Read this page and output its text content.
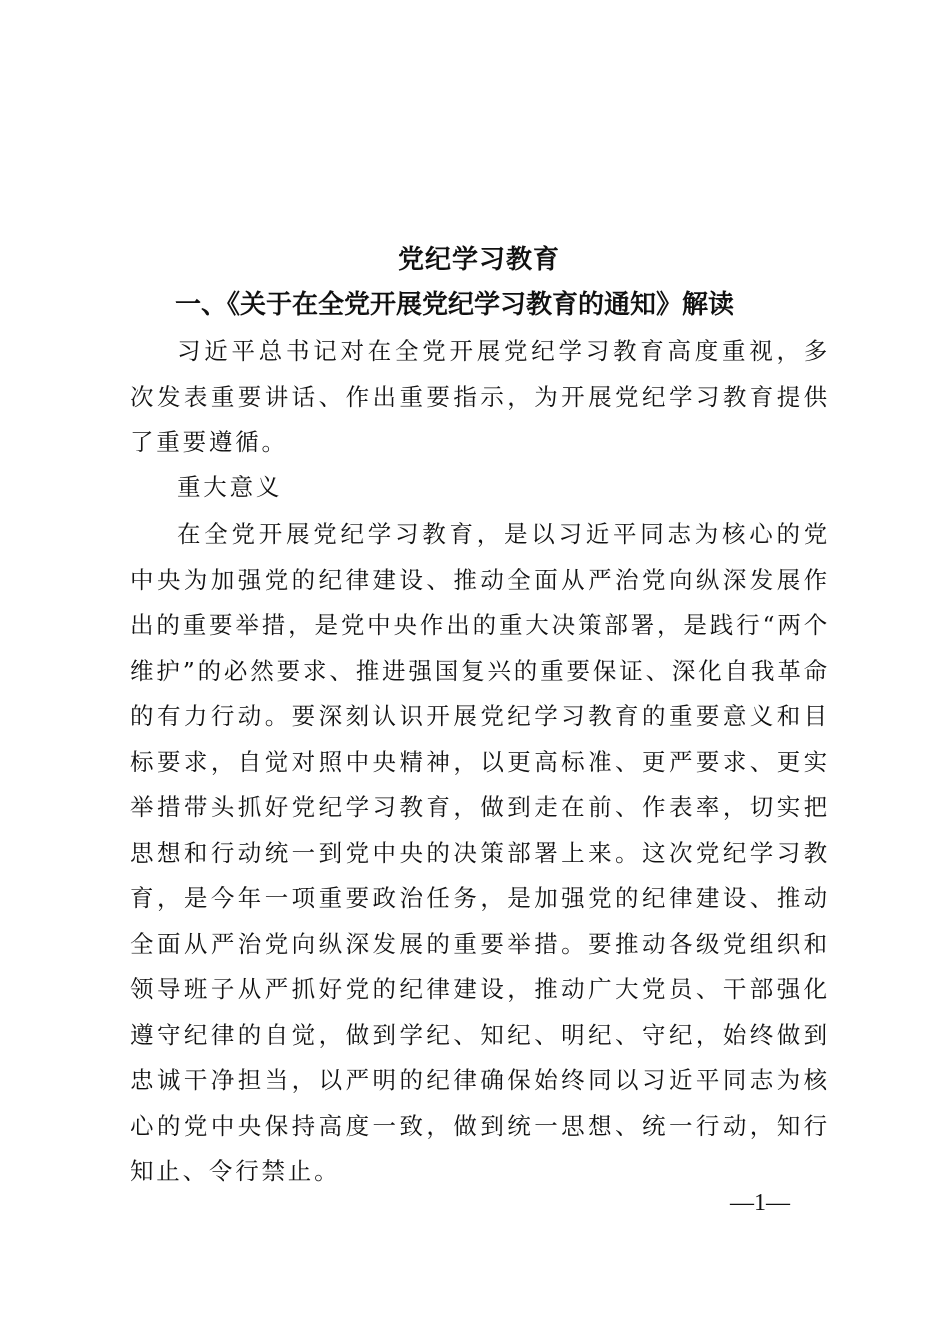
党纪学习教育
一、《关于在全党开展党纪学习教育的通知》解读
习近平总书记对在全党开展党纪学习教育高度重视，多次发表重要讲话、作出重要指示，为开展党纪学习教育提供了重要遵循。
重大意义
在全党开展党纪学习教育，是以习近平同志为核心的党中央为加强党的纪律建设、推动全面从严治党向纵深发展作出的重要举措，是党中央作出的重大决策部署，是践行“两个维护”的必然要求、推进强国复兴的重要保证、深化自我革命的有力行动。要深刻认识开展党纪学习教育的重要意义和目标要求，自觉对照中央精神，以更高标准、更严要求、更实举措带头抓好党纪学习教育，做到走在前、作表率，切实把思想和行动统一到党中央的决策部署上来。这次党纪学习教育，是今年一项重要政治任务，是加强党的纪律建设、推动全面从严治党向纵深发展的重要举措。要推动各级党组织和领导班子从严抓好党的纪律建设，推动广大党员、干部强化遵守纪律的自觉，做到学纪、知纪、明纪、守纪，始终做到忠诚干净担当，以严明的纪律确保始终同以习近平同志为核心的党中央保持高度一致，做到统一思想、统一行动，知行知止、令行禁止。
—1—
